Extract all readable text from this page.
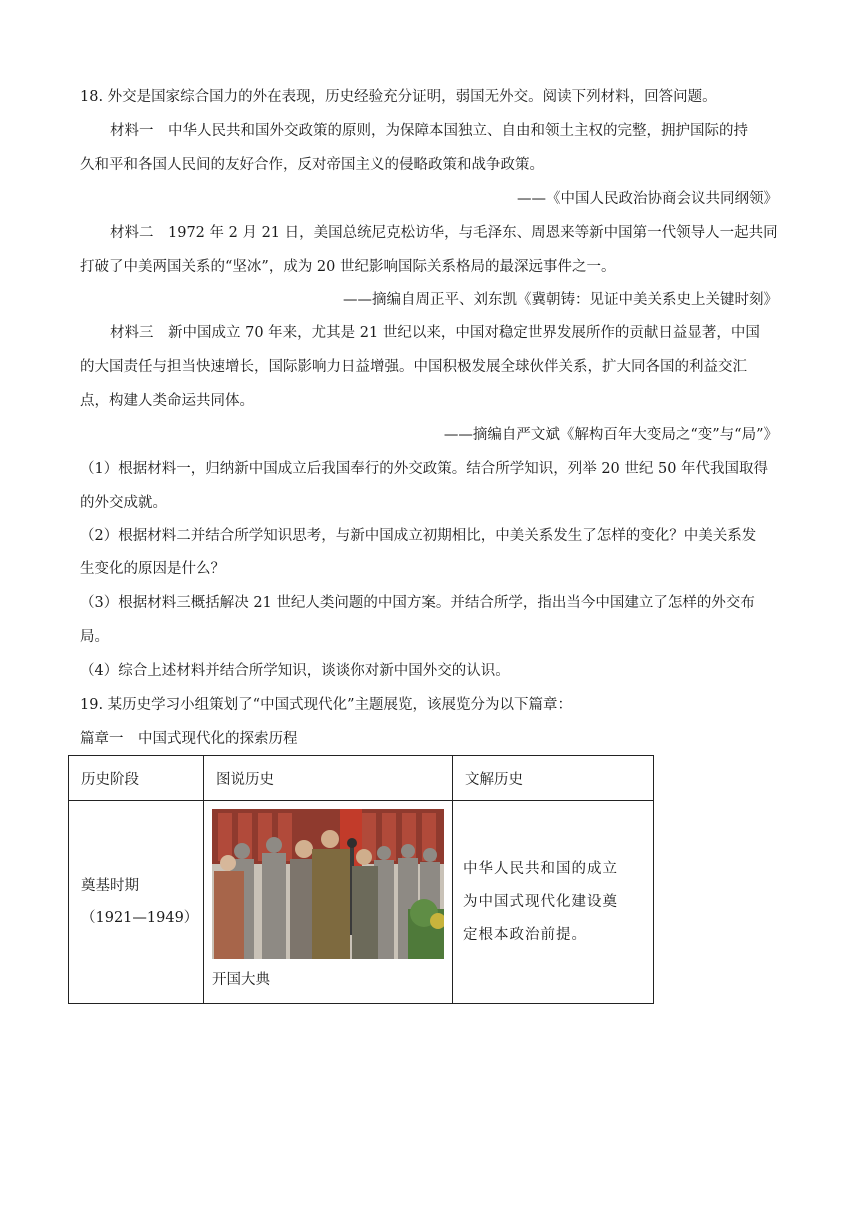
18. 外交是国家综合国力的外在表现，历史经验充分证明，弱国无外交。阅读下列材料，回答问题。
材料一　中华人民共和国外交政策的原则，为保障本国独立、自由和领土主权的完整，拥护国际的持
久和平和各国人民间的友好合作，反对帝国主义的侵略政策和战争政策。
——《中国人民政治协商会议共同纲领》
材料二　1972 年 2 月 21 日，美国总统尼克松访华，与毛泽东、周恩来等新中国第一代领导人一起共同
打破了中美两国关系的“坚冰”，成为 20 世纪影响国际关系格局的最深远事件之一。
——摘编自周正平、刘东凯《冀朝铸：见证中美关系史上关键时刻》
材料三　新中国成立 70 年来，尤其是 21 世纪以来，中国对稳定世界发展所作的贡献日益显著，中国
的大国责任与担当快速增长，国际影响力日益增强。中国积极发展全球伙伴关系，扩大同各国的利益交汇
点，构建人类命运共同体。
——摘编自严文斌《解构百年大变局之“变”与“局”》
（1）根据材料一，归纳新中国成立后我国奉行的外交政策。结合所学知识，列举 20 世纪 50 年代我国取得
的外交成就。
（2）根据材料二并结合所学知识思考，与新中国成立初期相比，中美关系发生了怎样的变化？中美关系发
生变化的原因是什么？
（3）根据材料三概括解决 21 世纪人类问题的中国方案。并结合所学，指出当今中国建立了怎样的外交布
局。
（4）综合上述材料并结合所学知识，谈谈你对新中国外交的认识。
19. 某历史学习小组策划了“中国式现代化”主题展览，该展览分为以下篇章：
篇章一　中国式现代化的探索历程
历史阶段	图说历史	文解历史

奠基时期
（1921—1949）	开国大典	中华人民共和国的成立为中国式现代化建设奠定根本政治前提。
